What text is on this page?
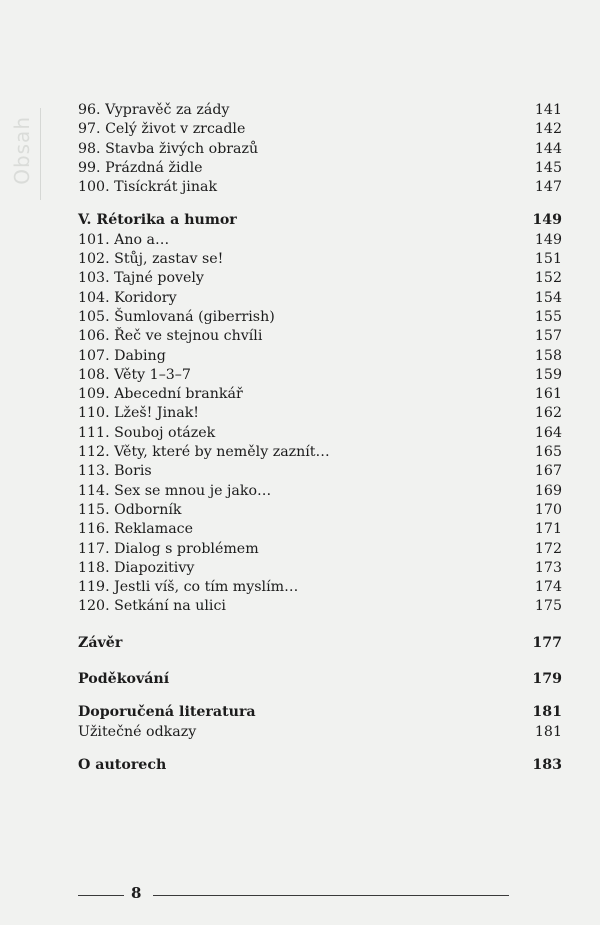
Obsah
96. Vypravěč za zády	141
97. Celý život v zrcadle	142
98. Stavba živých obrazů	144
99. Prázdná židle	145
100. Tisíckrát jinak	147
V. Rétorika a humor	149
101. Ano a…	149
102. Stůj, zastav se!	151
103. Tajné povely	152
104. Koridory	154
105. Šumlovaná (giberrish)	155
106. Řeč ve stejnou chvíli	157
107. Dabing	158
108. Věty 1–3–7	159
109. Abecední brankář	161
110. Lžeš! Jinak!	162
111. Souboj otázek	164
112. Věty, které by neměly zaznít…	165
113. Boris	167
114. Sex se mnou je jako…	169
115. Odborník	170
116. Reklamace	171
117. Dialog s problémem	172
118. Diapozitivy	173
119. Jestli víš, co tím myslím…	174
120. Setkání na ulici	175
Závěr	177
Poděkování	179
Doporučená literatura	181
Užitečné odkazy	181
O autorech	183
8
